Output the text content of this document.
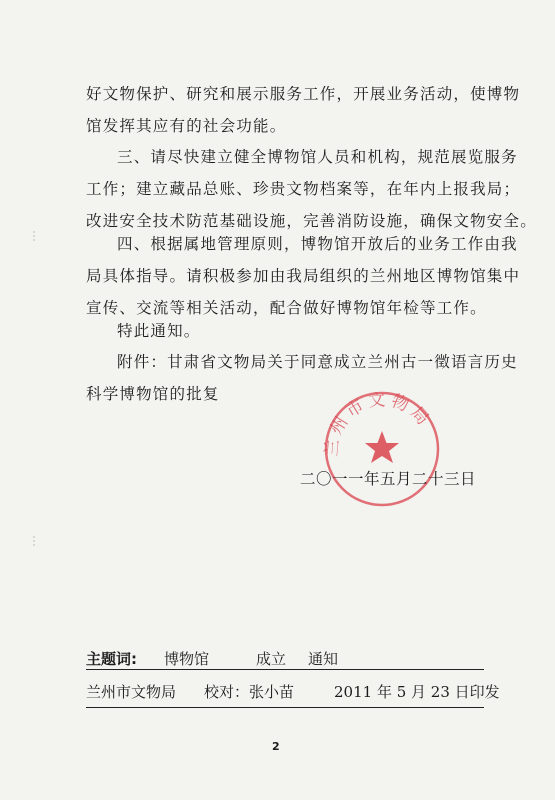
好文物保护、研究和展示服务工作，开展业务活动，使博物
馆发挥其应有的社会功能。
三、请尽快建立健全博物馆人员和机构，规范展览服务
工作；建立藏品总账、珍贵文物档案等，在年内上报我局；
改进安全技术防范基础设施，完善消防设施，确保文物安全。
四、根据属地管理原则，博物馆开放后的业务工作由我
局具体指导。请积极参加由我局组织的兰州地区博物馆集中
宣传、交流等相关活动，配合做好博物馆年检等工作。
特此通知。
附件：甘肃省文物局关于同意成立兰州古一徵语言历史
科学博物馆的批复
兰州市文物局
二〇一一年五月二十三日
主题词: 博物馆	成立 通知
兰州市文物局 校对：张小苗	2011 年 5 月 23 日印发
2
